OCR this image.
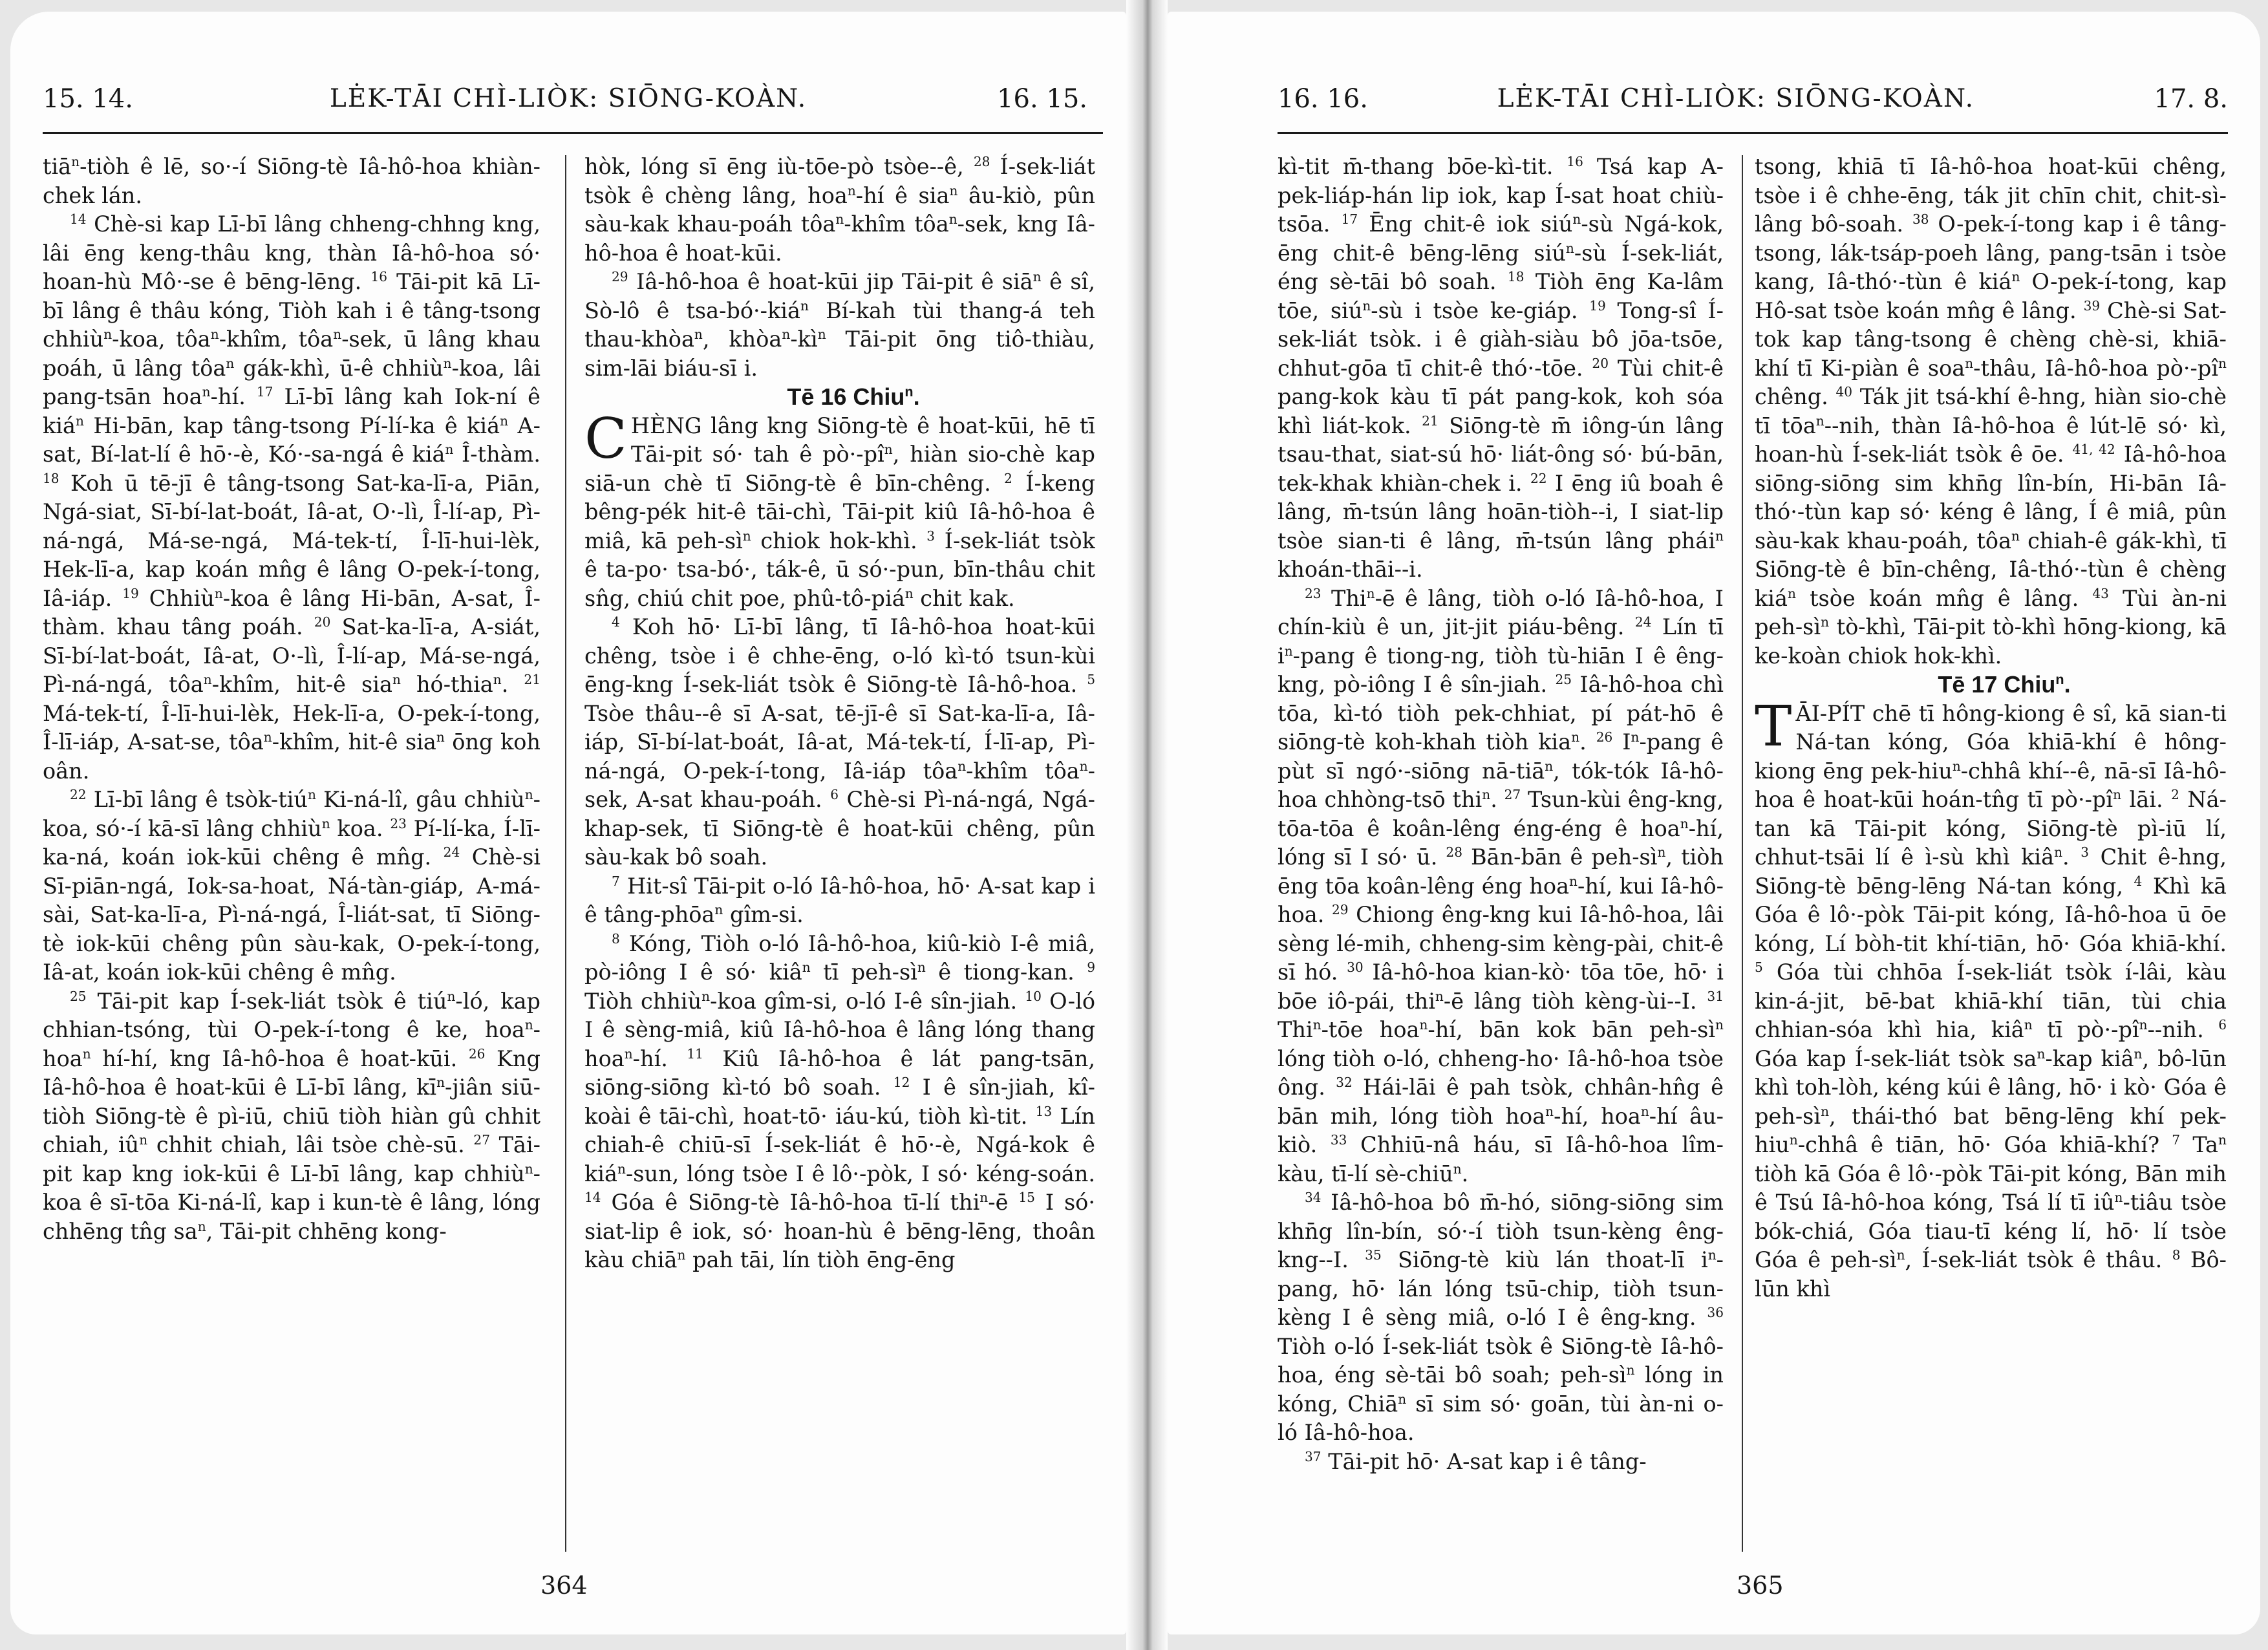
15. 14.	LĖK-TĀI CHÌ-LIÒK: SIŌNG-KOÀN.	16. 15.

tiā$^n$-tiòh ê lē, so·-í Siōng-tè Iâ-hô-hoa khiàn-chek lán.

$^{14}$ Chè-si kap Lī-bī lâng chheng-chhng kng, lâi ēng keng-thâu kng, thàn Iâ-hô-hoa só· hoan-hù Mô·-se ê bēng-lēng. $^{16}$ Tāi-pit kā Lī-bī lâng ê thâu kóng, Tiòh kah i ê tâng-tsong chhiù$^n$-koa, tôa$^n$-khîm, tôa$^n$-sek, ū lâng khau poáh, ū lâng tôa$^n$ gák-khì, ū-ê chhiù$^n$-koa, lâi pang-tsān hoa$^n$-hí. $^{17}$ Lī-bī lâng kah Iok-ní ê kiá$^n$ Hi-bān, kap tâng-tsong Pí-lí-ka ê kiá$^n$ A-sat, Bí-lat-lí ê hō·-è, Kó·-sa-ngá ê kiá$^n$ Î-thàm. $^{18}$ Koh ū tē-jī ê tâng-tsong Sat-ka-lī-a, Piān, Ngá-siat, Sī-bí-lat-boát, Iâ-at, O·-lì, Î-lí-ap, Pì-ná-ngá, Má-se-ngá, Má-tek-tí, Î-lī-hui-lèk, Hek-lī-a, kap koán mn̂g ê lâng O-pek-í-tong, Iâ-iáp. $^{19}$ Chhiù$^n$-koa ê lâng Hi-bān, A-sat, Î-thàm. khau tâng poáh. $^{20}$ Sat-ka-lī-a, A-siát, Sī-bí-lat-boát, Iâ-at, O·-lì, Î-lí-ap, Má-se-ngá, Pì-ná-ngá, tôa$^n$-khîm, hit-ê sia$^n$ hó-thia$^n$. $^{21}$ Má-tek-tí, Î-lī-hui-lèk, Hek-lī-a, O-pek-í-tong, Î-lī-iáp, A-sat-se, tôa$^n$-khîm, hit-ê sia$^n$ ōng koh oân.

$^{22}$ Lī-bī lâng ê tsòk-tiú$^n$ Ki-ná-lî, gâu chhiù$^n$-koa, só·-í kā-sī lâng chhiù$^n$ koa. $^{23}$ Pí-lí-ka, Í-lī-ka-ná, koán iok-kūi chêng ê mn̂g. $^{24}$ Chè-si Sī-piān-ngá, Iok-sa-hoat, Ná-tàn-giáp, A-má-sài, Sat-ka-lī-a, Pì-ná-ngá, Î-liát-sat, tī Siōng-tè iok-kūi chêng pûn sàu-kak, O-pek-í-tong, Iâ-at, koán iok-kūi chêng ê mn̂g.

$^{25}$ Tāi-pit kap Í-sek-liát tsòk ê tiú$^n$-ló, kap chhian-tsóng, tùi O-pek-í-tong ê ke, hoa$^n$-hoa$^n$ hí-hí, kng Iâ-hô-hoa ê hoat-kūi. $^{26}$ Kng Iâ-hô-hoa ê hoat-kūi ê Lī-bī lâng, $kī^n$-jiân siū-tiòh Siōng-tè ê pì-iū, chiū tiòh hiàn gû chhit chiah, $iû^n$ chhit chiah, lâi tsòe chè-sū. $^{27}$ Tāi-pit kap kng iok-kūi ê Lī-bī lâng, kap chhiù$^n$-koa ê sī-tōa Ki-ná-lî, kap i kun-tè ê lâng, lóng chhēng tn̂g $sa^n$, Tāi-pit chhēng kong-

hòk, lóng sī ēng iù-tōe-pò tsòe--ê, $^{28}$ Í-sek-liát tsòk ê chèng lâng, hoa$^n$-hí ê sia$^n$ âu-kiò, pûn sàu-kak khau-poáh tôa$^n$-khîm tôa$^n$-sek, kng Iâ-hô-hoa ê hoat-kūi.

$^{29}$ Iâ-hô-hoa ê hoat-kūi jip Tāi-pit ê siā$^n$ ê sî, Sò-lô ê tsa-bó·-kiá$^n$ Bí-kah tùi thang-á teh thau-khòa$^n$, $khòa^n-kì^n$ Tāi-pit ōng tiô-thiàu, sim-lāi biáu-sī i.

Tē 16 Chiu$^n$.

CHÈNG lâng kng Siōng-tè ê hoat-kūi, hē tī Tāi-pit só· tah ê $pò\cdot-pî^n$, hiàn sio-chè kap siā-un chè tī Siōng-tè ê bīn-chêng. $^2$ Í-keng bêng-pék hit-ê tāi-chì, Tāi-pit kiû Iâ-hô-hoa ê miâ, kā peh-$sì^n$ chiok hok-khì. $^3$ Í-sek-liát tsòk ê ta-po· tsa-bó·, ták-ê, ū só·-pun, bīn-thâu chit sn̂g, chiú chit poe, phû-tô-piá$^n$ chit kak.

$^4$ Koh hō· Lī-bī lâng, tī Iâ-hô-hoa hoat-kūi chêng, tsòe i ê chhe-ēng, o-ló kì-tó tsun-kùi ēng-kng Í-sek-liát tsòk ê Siōng-tè Iâ-hô-hoa. $^5$ Tsòe thâu--ê sī A-sat, tē-jī-ê sī Sat-ka-lī-a, Iâ-iáp, Sī-bí-lat-boát, Iâ-at, Má-tek-tí, Í-lī-ap, Pì-ná-ngá, O-pek-í-tong, Iâ-iáp tôa$^n$-khîm tôa$^n$-sek, A-sat khau-poáh. $^6$ Chè-si Pì-ná-ngá, Ngá-khap-sek, tī Siōng-tè ê hoat-kūi chêng, pûn sàu-kak bô soah.

$^7$ Hit-sî Tāi-pit o-ló Iâ-hô-hoa, hō· A-sat kap i ê tâng-phōa$^n$ gîm-si.

$^8$ Kóng, Tiòh o-ló Iâ-hô-hoa, kiû-kiò I-ê miâ, pò-iông I ê só· kiâ$^n$ tī peh-$sì^n$ ê tiong-kan. $^9$ Tiòh chhiù$^n$-koa gîm-si, o-ló I-ê sîn-jiah. $^{10}$ O-ló I ê sèng-miâ, kiû Iâ-hô-hoa ê lâng lóng thang hoa$^n$-hí. $^{11}$ Kiû Iâ-hô-hoa ê lát pang-tsān, siōng-siōng kì-tó bô soah. $^{12}$ I ê sîn-jiah, kî-koài ê tāi-chì, hoat-tō· iáu-kú, tiòh kì-tit. $^{13}$ Lín chiah-ê chiū-sī Í-sek-liát ê hō·-è, Ngá-kok ê kiá$^n$-sun, lóng tsòe I ê lô·-pòk, I só· kéng-soán. $^{14}$ Góa ê Siōng-tè Iâ-hô-hoa tī-lí thi$^n$-ē $^{15}$ I só· siat-lip ê iok, só· hoan-hù ê bēng-lēng, thoân kàu chiā$^n$ pah tāi, lín tiòh ēng-ēng

364
16. 16.	LĖK-TĀI CHÌ-LIÒK: SIŌNG-KOÀN.	17. 8.

kì-tit m̄-thang bōe-kì-tit. $^{16}$ Tsá kap A-pek-liáp-hán lip iok, kap Í-sat hoat chiù-tsōa. $^{17}$ Ēng chit-ê iok siú$^n$-sù Ngá-kok, ēng chit-ê bēng-lēng siú$^n$-sù Í-sek-liát, éng sè-tāi bô soah. $^{18}$ Tiòh ēng Ka-lâm tōe, siú$^n$-sù i tsòe ke-giáp. $^{19}$ Tong-sî Í-sek-liát tsòk. i ê giàh-siàu bô jōa-tsōe, chhut-gōa tī chit-ê thó·-tōe. $^{20}$ Tùi chit-ê pang-kok kàu tī pát pang-kok, koh sóa khì liát-kok. $^{21}$ Siōng-tè m̄ iông-ún lâng tsau-that, siat-sú hō· liát-ông só· bú-bān, tek-khak khiàn-chek i. $^{22}$ I ēng iû boah ê lâng, m̄-tsún lâng hoān-tiòh--i, I siat-lip tsòe sian-ti ê lâng, m̄-tsún lâng phái$^n$ khoán-thāi--i.

$^{23}$ Thi$^n$-ē ê lâng, tiòh o-ló Iâ-hô-hoa, I chín-kiù ê un, jit-jit piáu-bêng. $^{24}$ Lín tī $i^n$-pang ê tiong-ng, tiòh tù-hiān I ê êng-kng, pò-iông I ê sîn-jiah. $^{25}$ Iâ-hô-hoa chì tōa, kì-tó tiòh pek-chhiat, pí pát-hō ê siōng-tè koh-khah tiòh kia$^n$. $^{26}$ $I^n$-pang ê pùt sī ngó·-siōng nā-tiā$^n$, tók-tók Iâ-hô-hoa chhòng-tsō thi$^n$. $^{27}$ Tsun-kùi êng-kng, tōa-tōa ê koân-lêng éng-éng ê hoa$^n$-hí, lóng sī I só· ū. $^{28}$ Bān-bān ê peh-$sì^n$, tiòh ēng tōa koân-lêng éng hoa$^n$-hí, kui Iâ-hô-hoa. $^{29}$ Chiong êng-kng kui Iâ-hô-hoa, lâi sèng lé-mih, chheng-sim kèng-pài, chit-ê sī hó. $^{30}$ Iâ-hô-hoa kian-kò· tōa tōe, hō· i bōe iô-pái, thi$^n$-ē lâng tiòh kèng-ùi--I. $^{31}$ Thi$^n$-tōe hoa$^n$-hí, bān kok bān peh-$sì^n$ lóng tiòh o-ló, chheng-ho· Iâ-hô-hoa tsòe ông. $^{32}$ Hái-lāi ê pah tsòk, chhân-hn̂g ê bān mih, lóng tiòh hoa$^n$-hí, hoa$^n$-hí âu-kiò. $^{33}$ Chhiū-nâ háu, sī Iâ-hô-hoa lîm-kàu, tī-lí sè-chiū$^n$.

$^{34}$ Iâ-hô-hoa bô m̄-hó, siōng-siōng sim khn̄g lîn-bín, só·-í tiòh tsun-kèng êng-kng--I. $^{35}$ Siōng-tè kiù lán thoat-lī $i^n$-pang, hō· lán lóng tsū-chip, tiòh tsun-kèng I ê sèng miâ, o-ló I ê êng-kng. $^{36}$ Tiòh o-ló Í-sek-liát tsòk ê Siōng-tè Iâ-hô-hoa, éng sè-tāi bô soah; peh-$sì^n$ lóng in kóng, Chiā$^n$ sī sim só· goān, tùi àn-ni o-ló Iâ-hô-hoa.

$^{37}$ Tāi-pit hō· A-sat kap i ê tâng-

tsong, khiā tī Iâ-hô-hoa hoat-kūi chêng, tsòe i ê chhe-ēng, ták jit chīn chit, chit-sì-lâng bô-soah. $^{38}$ O-pek-í-tong kap i ê tâng-tsong, lák-tsáp-poeh lâng, pang-tsān i tsòe kang, Iâ-thó·-tùn ê kiá$^n$ O-pek-í-tong, kap Hô-sat tsòe koán mn̂g ê lâng. $^{39}$ Chè-si Sat-tok kap tâng-tsong ê chèng chè-si, khiā-khí tī Ki-piàn ê soa$^n$-thâu, Iâ-hô-hoa $pò\cdot-pî^n$ chêng. $^{40}$ Ták jit tsá-khí ê-hng, hiàn sio-chè tī tōa$^n$--nih, thàn Iâ-hô-hoa ê lút-lē só· kì, hoan-hù Í-sek-liát tsòk ê ōe. $^{41, 42}$ Iâ-hô-hoa siōng-siōng sim khn̄g lîn-bín, Hi-bān Iâ-thó·-tùn kap só· kéng ê lâng, Í ê miâ, pûn sàu-kak khau-poáh, tôa$^n$ chiah-ê gák-khì, tī Siōng-tè ê bīn-chêng, Iâ-thó·-tùn ê chèng kiá$^n$ tsòe koán mn̂g ê lâng. $^{43}$ Tùi àn-ni peh-$sì^n$ tò-khì, Tāi-pit tò-khì hōng-kiong, kā ke-koàn chiok hok-khì.

Tē 17 Chiu$^n$.

TĀI-PÍT chē tī hông-kiong ê sî, kā sian-ti Ná-tan kóng, Góa khiā-khí ê hông-kiong ēng pek-hiu$^n$-chhâ khí--ê, nā-sī Iâ-hô-hoa ê hoat-kūi hoán-tn̂g tī $pò\cdot-pî^n$ lāi. $^2$ Ná-tan kā Tāi-pit kóng, Siōng-tè pì-iū lí, chhut-tsāi lí ê ì-sù khì kiâ$^n$. $^3$ Chit ê-hng, Siōng-tè bēng-lēng Ná-tan kóng, $^4$ Khì kā Góa ê lô·-pòk Tāi-pit kóng, Iâ-hô-hoa ū ōe kóng, Lí bòh-tit khí-tiān, hō· Góa khiā-khí. $^5$ Góa tùi chhōa Í-sek-liát tsòk í-lâi, kàu kin-á-jit, bē-bat khiā-khí tiān, tùi chia chhian-sóa khì hia, kiâ$^n$ tī $pò\cdot-pî^n-$-nih. $^6$ Góa kap Í-sek-liát tsòk $sa^n$-kap kiâ$^n$, bô-lūn khì toh-lòh, kéng kúi ê lâng, hō· i kò· Góa ê peh-$sì^n$, thái-thó bat bēng-lēng khí pek-hiu$^n$-chhâ ê tiān, hō· Góa khiā-khí? $^7$ Ta$^n$ tiòh kā Góa ê lô·-pòk Tāi-pit kóng, Bān mih ê Tsú Iâ-hô-hoa kóng, Tsá lí tī $iû^n$-tiâu tsòe bók-chiá, Góa tiau-tī kéng lí, hō· lí tsòe Góa ê peh-$sì^n$, Í-sek-liát tsòk ê thâu. $^8$ Bô-lūn khì

365
